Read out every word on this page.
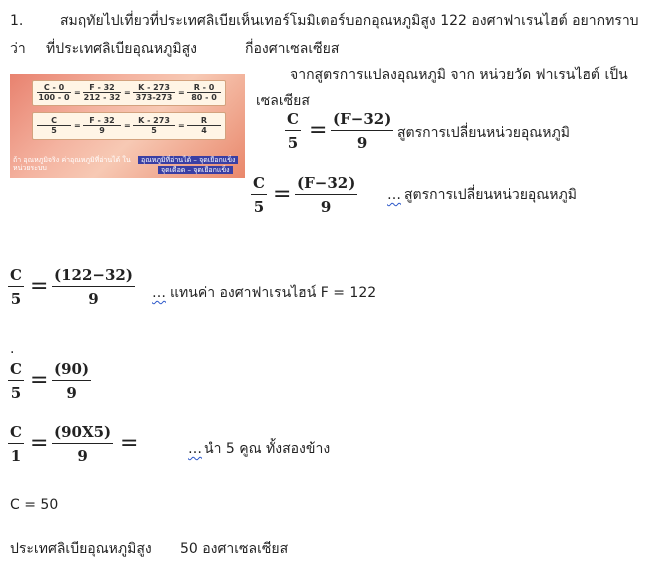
1.	สมฤทัยไปเที่ยวที่ประเทศลิเบียเห็นเทอร์โมมิเตอร์บอกอุณหภูมิสูง 122 องศาฟาเรนไฮต์ อยากทราบ
ว่า ที่ประเทศลิเบียอุณหภูมิสูง	กี่องศาเซลเซียส
C - 0
100 - 0
=
F - 32
212 - 32
=
K - 273
373-273
=
R - 0
80 - 0
C
5
=
F - 32
9
=
K - 273
5
=
R
4
ถ้า อุณหภูมิจริง ค่าอุณหภูมิที่อ่านได้ ในหน่วยระบบ
อุณหภูมิที่อ่านได้ – จุดเยือกแข็ง
จุดเดือด – จุดเยือกแข็ง
จากสูตรการแปลงอุณหภูมิ จาก หน่วยวัด ฟาเรนไฮต์ เป็น
เซลเซียส
C
5 = (F−32)
9
สูตรการเปลี่ยนหน่วยอุณหภูมิ
C
5 = (F−32)
9
… สูตรการเปลี่ยนหน่วยอุณหภูมิ
C
5 = (122−32)
9	… แทนค่า องศาฟาเรนไฮน์ F = 122
.
C
5 = (90)
9
C
1 = (90X5)
9	=	… นำ 5 คูณ ทั้งสองข้าง
C = 50
ประเทศลิเบียอุณหภูมิสูง 50 องศาเซลเซียส
